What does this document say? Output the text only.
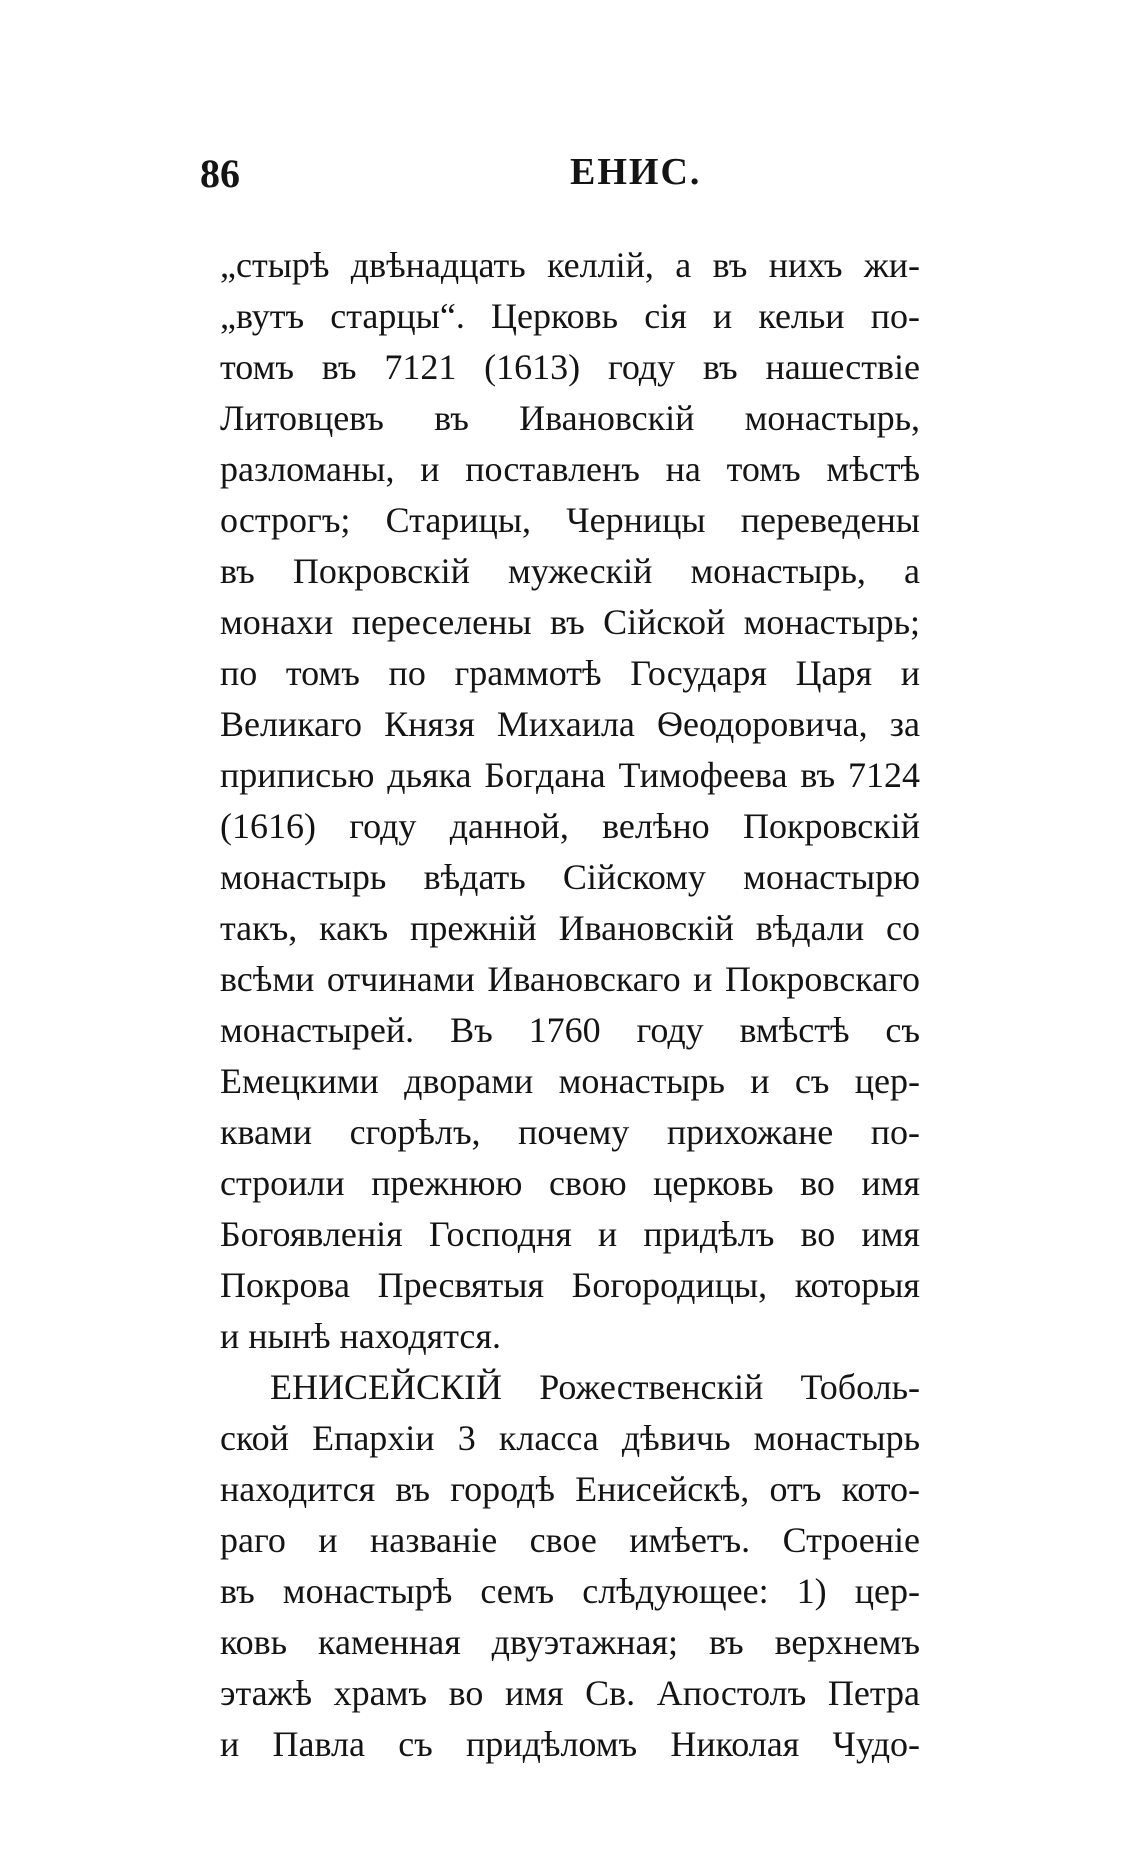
86	ЕНИС.
„стырѣ двѣнадцать келлій, а въ нихъ жи-
„вутъ старцы“. Церковь сія и кельи по-
томъ въ 7121 (1613) году въ нашествіе
Литовцевъ въ Ивановскій монастырь,
разломаны, и поставленъ на томъ мѣстѣ
острогъ; Старицы, Черницы переведены
въ Покровскій мужескій монастырь, а
монахи переселены въ Сійской монастырь;
по томъ по граммотѣ Государя Царя и
Великаго Князя Михаила Ѳеодоровича, за
приписью дьяка Богдана Тимофеева въ 7124
(1616) году данной, велѣно Покровскій
монастырь вѣдать Сійскому монастырю
такъ, какъ прежній Ивановскій вѣдали со
всѣми отчинами Ивановскаго и Покровскаго
монастырей. Въ 1760 году вмѣстѣ съ
Емецкими дворами монастырь и съ цер-
квами сгорѣлъ, почему прихожане по-
строили прежнюю свою церковь во имя
Богоявленія Господня и придѣлъ во имя
Покрова Пресвятыя Богородицы, которыя
и нынѣ находятся.
ЕНИСЕЙСКІЙ Рожественскій Тоболь-
ской Епархіи 3 класса дѣвичь монастырь
находится въ городѣ Енисейскѣ, отъ кото-
раго и названіе свое имѣетъ. Строеніе
въ монастырѣ семъ слѣдующее: 1) цер-
ковь каменная двуэтажная; въ верхнемъ
этажѣ храмъ во имя Св. Апостолъ Петра
и Павла съ придѣломъ Николая Чудо-
